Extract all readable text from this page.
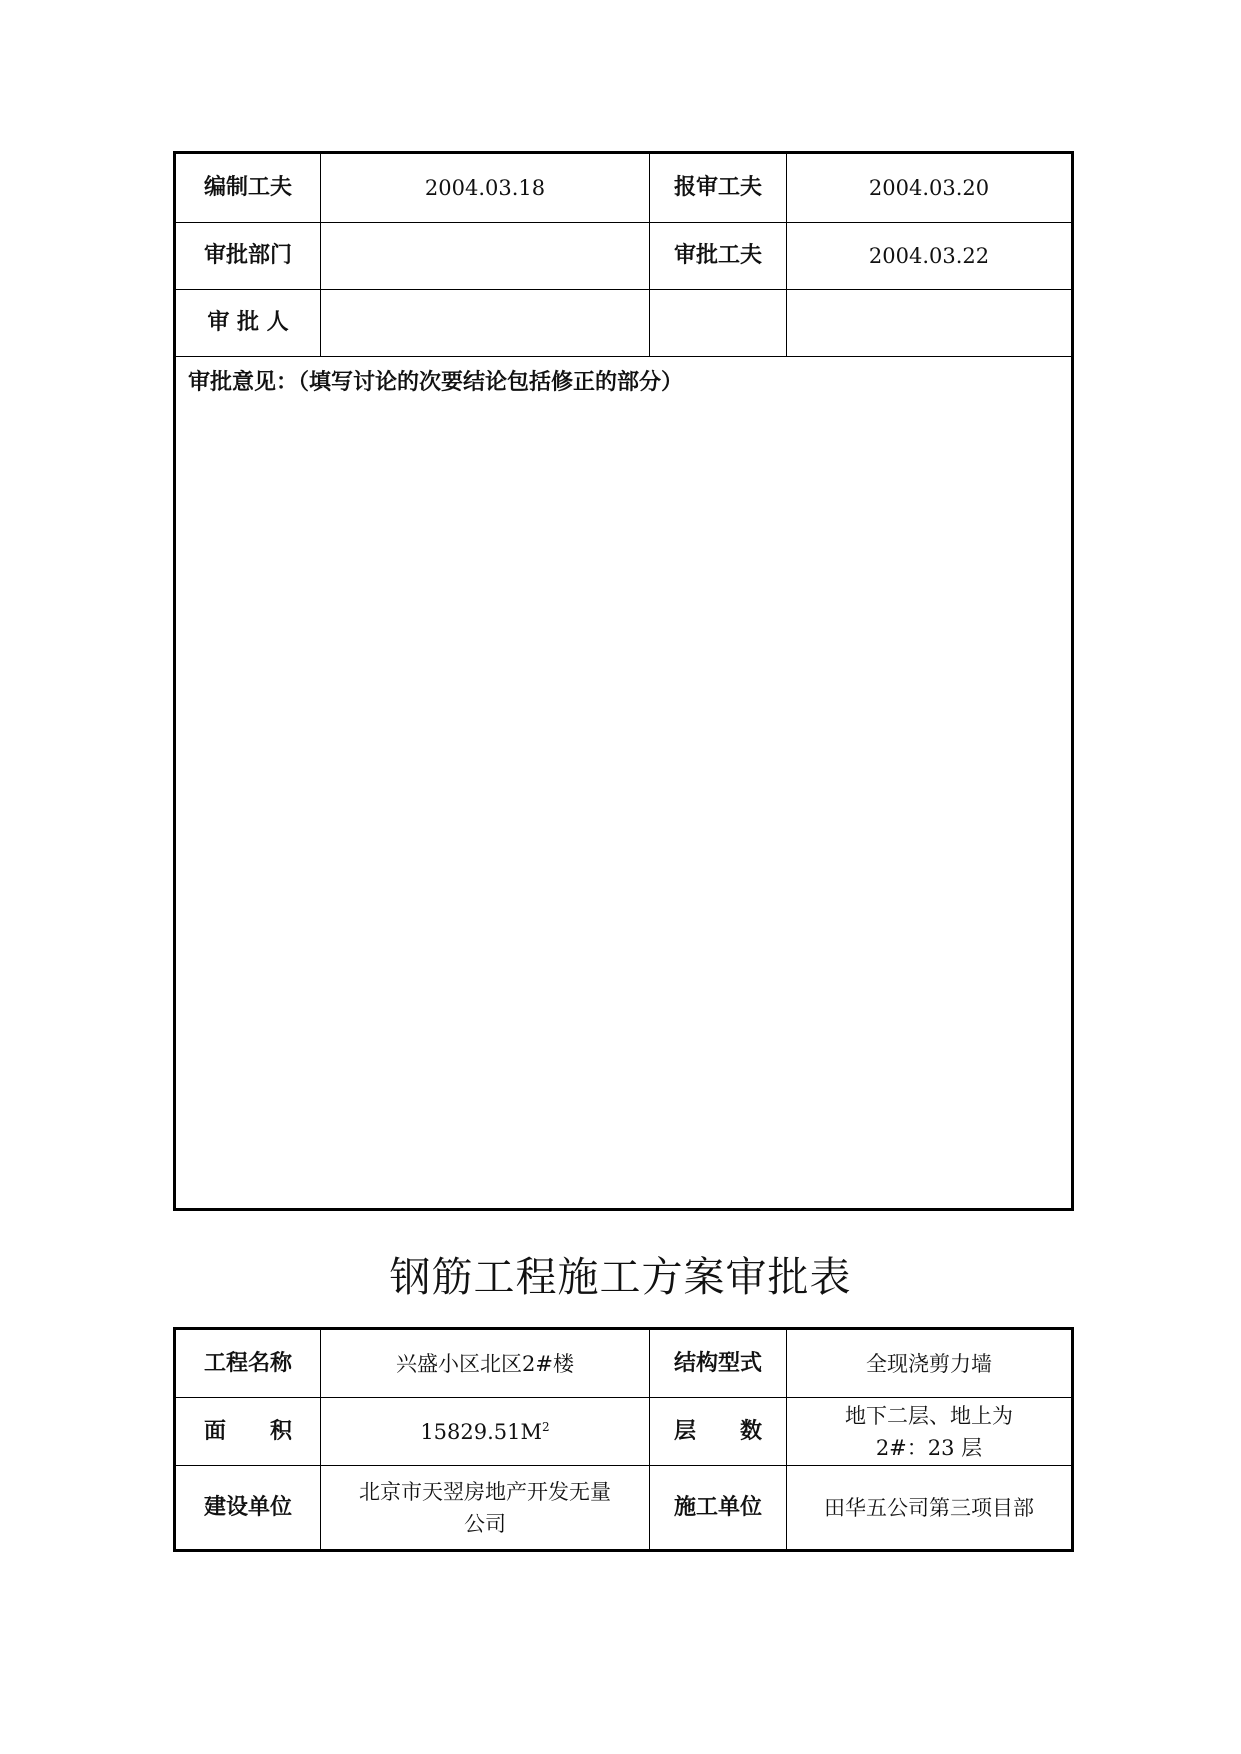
编制工夫	2004.03.18	报审工夫	2004.03.20
审批部门		审批工夫	2004.03.22
审 批 人			

审批意见：（填写讨论的次要结论包括修正的部分）			
钢筋工程施工方案审批表
工程名称	兴盛小区北区2#楼	结构型式	全现浇剪力墙
面　　积	$15829.51M^2$	层　　数	地下二层、地上为
2#：23 层

建设单位	北京市天翌房地产开发无量
公司	施工单位	田华五公司第三项目部
